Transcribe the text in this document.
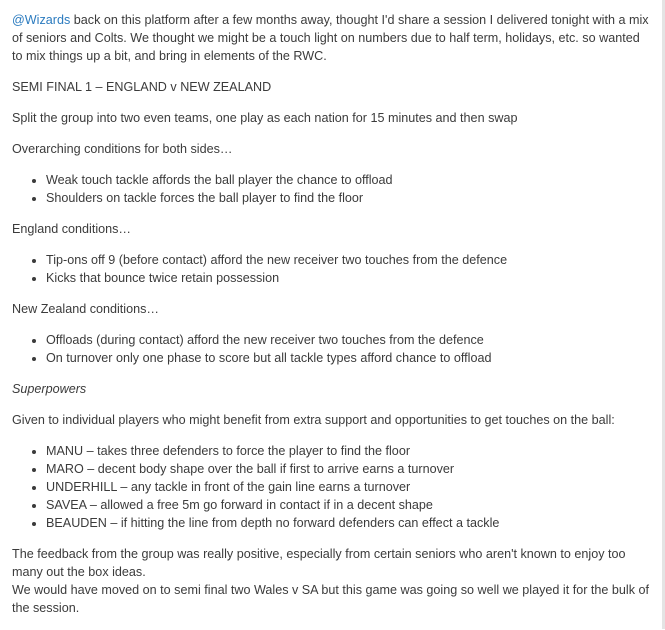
@Wizards back on this platform after a few months away, thought I'd share a session I delivered tonight with a mix of seniors and Colts. We thought we might be a touch light on numbers due to half term, holidays, etc. so wanted to mix things up a bit, and bring in elements of the RWC.

SEMI FINAL 1 – ENGLAND v NEW ZEALAND

Split the group into two even teams, one play as each nation for 15 minutes and then swap

Overarching conditions for both sides…

• Weak touch tackle affords the ball player the chance to offload
• Shoulders on tackle forces the ball player to find the floor

England conditions…

• Tip-ons off 9 (before contact) afford the new receiver two touches from the defence
• Kicks that bounce twice retain possession

New Zealand conditions…

• Offloads (during contact) afford the new receiver two touches from the defence
• On turnover only one phase to score but all tackle types afford chance to offload

Superpowers

Given to individual players who might benefit from extra support and opportunities to get touches on the ball:

• MANU – takes three defenders to force the player to find the floor
• MARO – decent body shape over the ball if first to arrive earns a turnover
• UNDERHILL – any tackle in front of the gain line earns a turnover
• SAVEA – allowed a free 5m go forward in contact if in a decent shape
• BEAUDEN – if hitting the line from depth no forward defenders can effect a tackle

The feedback from the group was really positive, especially from certain seniors who aren't known to enjoy too many out the box ideas.
We would have moved on to semi final two Wales v SA but this game was going so well we played it for the bulk of the session.
